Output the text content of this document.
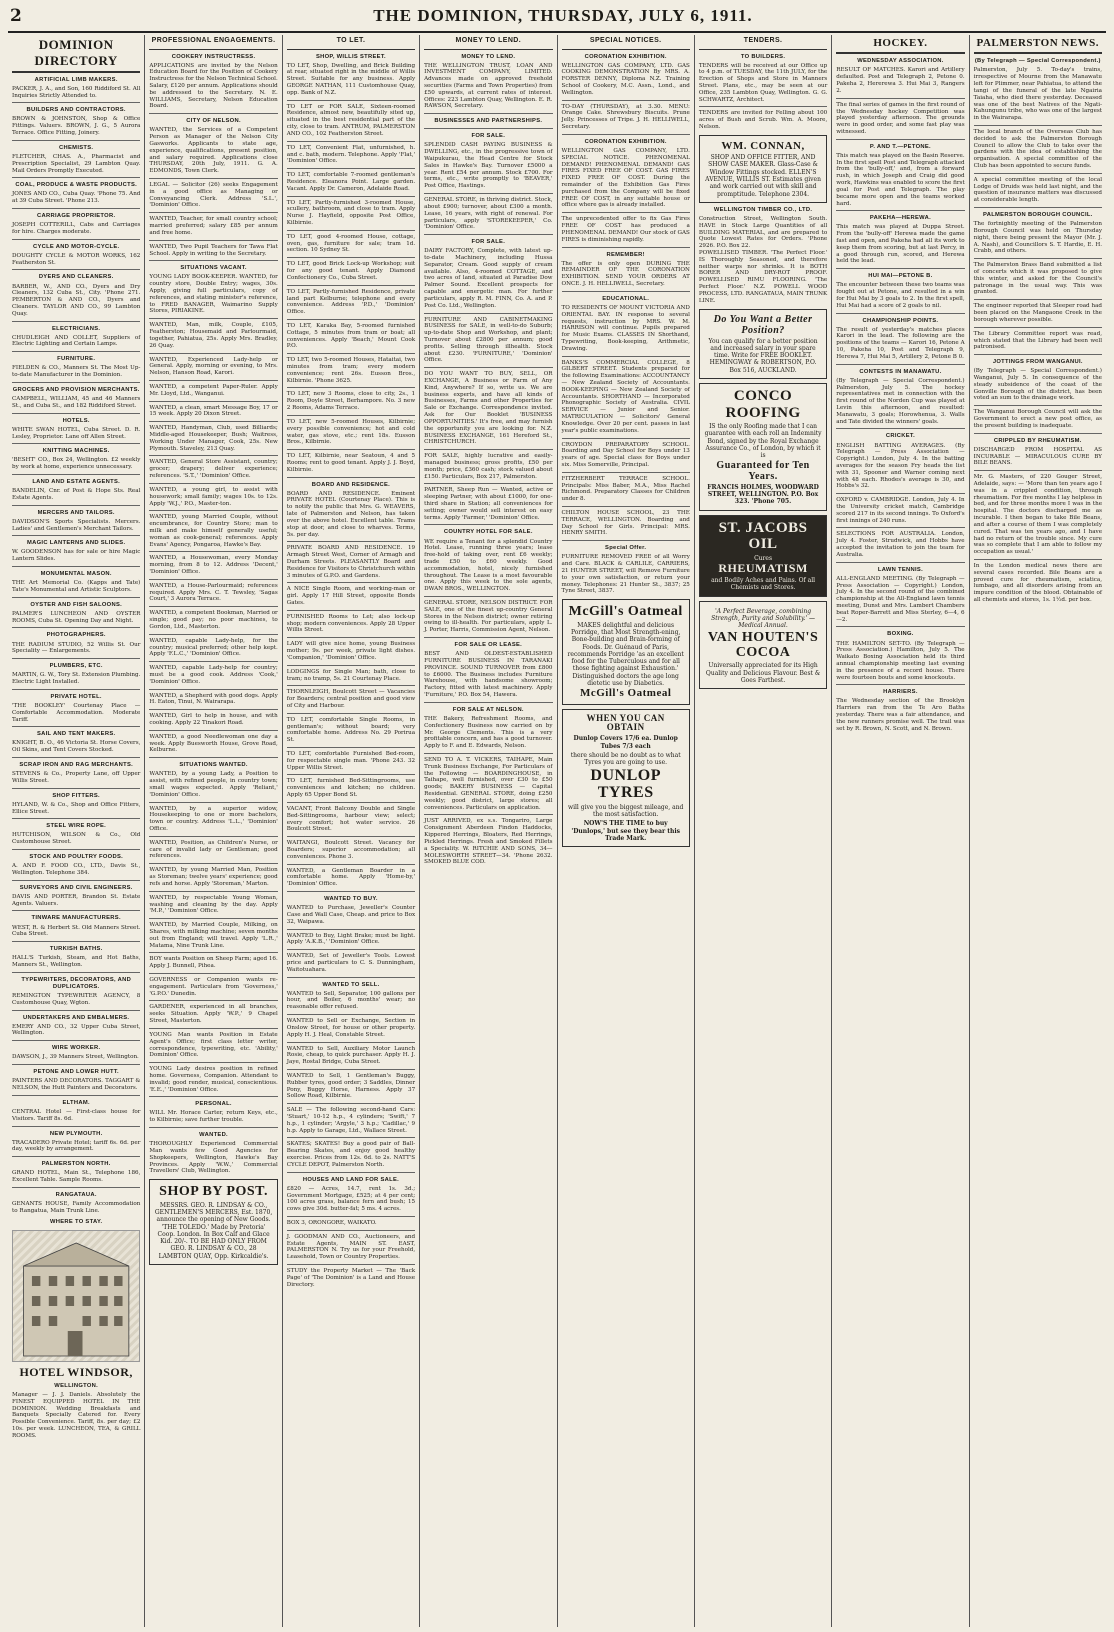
2	THE DOMINION, THURSDAY, JULY 6, 1911.
DOMINION DIRECTORY
ARTIFICIAL LIMB MAKERS.
PACKER, J. A., and Son, 160 Riddiford St. All Inquiries Strictly Attended to.
BUILDERS AND CONTRACTORS.
BROWN & JOHNSTON, Shop & Office Fittings. Valuers. BROWN, J. G., 5 Aurora Terrace. Office Fitting, Joinery.
CHEMISTS.
FLETCHER, CHAS. A., Pharmacist and Prescription Specialist, 29 Lambton Quay. Mail Orders Promptly Executed.
COAL, PRODUCE & WASTE PRODUCTS.
JONES AND CO., Cuba Quay. 'Phone 75. And at 39 Cuba Street. 'Phone 213.
CARRIAGE PROPRIETOR.
JOSEPH COTTERILL, Cabs and Carriages for hire. Charges moderate.
CYCLE AND MOTOR-CYCLE.
DOUGHTY CYCLE & MOTOR WORKS, 162 Featherston St.
DYERS AND CLEANERS.
BARBER, W., AND CO., Dyers and Dry Cleaners, 132 Cuba St., City. 'Phone 271. PEMBERTON & AND CO., Dyers and Cleaners. TAYLOR AND CO., 99 Lambton Quay.
ELECTRICIANS.
CHUDLEIGH AND COLLET, Suppliers of Electric Lighting and Certain Lamps.
FURNITURE.
FIELDEN & CO., Manners St. The Most Up-to-date Manufacturer in the Dominion.
GROCERS AND PROVISION MERCHANTS.
CAMPBELL, WILLIAM, 45 and 46 Manners St., and Cuba St., and 182 Riddiford Street.
HOTELS.
WHITE SWAN HOTEL, Cuba Street. D. R. Lesley, Proprietor. Lane off Allen Street.
KNITTING MACHINES.
'BESHT' CO., Box 24, Wellington. £2 weekly by work at home, experience unnecessary.
LAND AND ESTATE AGENTS.
BANDELIN, Cnr. of Post & Hope Sts. Real Estate Agents.
MERCERS AND TAILORS.
DAVIDSON'S Sports Specialists. Mercers. Ladies' and Gentlemen's Merchant Tailors.
MAGIC LANTERNS AND SLIDES.
W. GOODENSON has for sale or hire Magic Lantern Slides.
MONUMENTAL MASON.
THE Art Memorial Co. (Kapps and Tate) Tate's Monumental and Artistic Sculptors.
OYSTER AND FISH SALOONS.
PALMER'S LUNCHEON AND OYSTER ROOMS, Cuba St. Opening Day and Night.
PHOTOGRAPHERS.
THE RADIUM STUDIO, 52 Willis St. Our Speciality — Enlargements.
PLUMBERS, ETC.
MARTIN, G. W., Tory St. Extension Plumbing. Electric Light Installed.
PRIVATE HOTEL.
'THE BOOKLEY' Courtenay Place — Comfortable Accommodation. Moderate Tariff.
SAIL AND TENT MAKERS.
KNIGHT, B. O., 46 Victoria St. Horse Covers, Oil Skins, and Tent Covers Stocked.
SCRAP IRON AND RAG MERCHANTS.
STEVENS & Co., Property Lane, off Upper Willis Street.
SHOP FITTERS.
HYLAND, W. & Co., Shop and Office Fitters, Ellice Street.
STEEL WIRE ROPE.
HUTCHISON, WILSON & Co., Old Customhouse Street.
STOCK AND POULTRY FOODS.
A. AND F. FOOD CO., LTD., Davis St., Wellington. Telephone 384.
SURVEYORS AND CIVIL ENGINEERS.
DAVIS AND PORTER, Brandon St. Estate Agents. Valuers.
TINWARE MANUFACTURERS.
WEST, R. & Herbert St. Old Manners Street. Cuba Street.
TURKISH BATHS.
HALL'S Turkish, Steam, and Hot Baths, Manners St., Wellington.
TYPEWRITERS, DECORATORS, AND DUPLICATORS.
REMINGTON TYPEWRITER AGENCY, 8 Customhouse Quay, Wgton.
UNDERTAKERS AND EMBALMERS.
EMERY AND CO., 32 Upper Cuba Street, Wellington.
WIRE WORKER.
DAWSON, J., 39 Manners Street, Wellington.
PETONE AND LOWER HUTT.
PAINTERS AND DECORATORS. TAGGART & NELSON, the Hutt Painters and Decorators.
ELTHAM.
CENTRAL Hotel — First-class house for Visitors. Tariff 8s. 6d.
NEW PLYMOUTH.
TRACADERO Private Hotel; tariff 6s. 6d. per day, weekly by arrangement.
PALMERSTON NORTH.
GRAND HOTEL, Main St., Telephone 186, Excellent Table. Sample Rooms.
RANGATAUA.
GENANTS HOUSE, Family Accommodation to Rangatua, Main Trunk Line.
WHERE TO STAY.
HOTEL WINDSOR,
WELLINGTON.
Manager — J. J. Daniels. Absolutely the FINEST EQUIPPED HOTEL IN THE DOMINION. Wedding Breakfasts and Banquets Specially Catered for. Every Possible Convenience. Tariff, 8s. per day; £2 10s. per week. LUNCHEON, TEA, & GRILL ROOMS.
PROFESSIONAL ENGAGEMENTS.
COOKERY INSTRUCTRESS.
APPLICATIONS are invited by the Nelson Education Board for the Position of Cookery Instructress for the Nelson Technical School. Salary, £120 per annum. Applications should be addressed to the Secretary. N. E. WILLIAMS, Secretary, Nelson Education Board.
CITY OF NELSON.
WANTED, the Services of a Competent Person as Manager of the Nelson City Gasworks. Applicants to state age, experience, qualifications, present position, and salary required. Applications close THURSDAY, 20th July, 1911. G. A. EDMONDS, Town Clerk.
LEGAL — Solicitor (26) seeks Engagement in a good office as Managing or Conveyancing Clerk. Address 'S.L.', 'Dominion' Office.
WANTED, Teacher, for small country school; married preferred; salary £85 per annum and free home.
WANTED, Two Pupil Teachers for Tawa Flat School. Apply in writing to the Secretary.
SITUATIONS VACANT.
YOUNG LADY BOOK-KEEPER. WANTED, for country store, Double Entry; wages, 30s. Apply, giving full particulars, copy of references, and stating minister's reference, to FRED BANAGER, Waimarino Supply Stores, PIRIAKINE.
WANTED, Man, milk, Couple, £105, Featherston; Housemaid and Parlourmaid, together, Pahiatua, 25s. Apply Mrs. Bradley, 26 Quay.
WANTED, Experienced Lady-help or General. Apply, morning or evening, to Mrs. Nelson, Hanson Road, Karori.
WANTED, a competent Paper-Ruler. Apply Mr. Lloyd, Ltd., Wanganui.
WANTED, a clean, smart Message Boy, 17 or 15 week. Apply 20 Dixon Street.
WANTED, Handyman, Club, used Billiards; Middle-aged Housekeeper, Bush; Waitress, Working Under Manager, Cook, 25s. New Plymouth. Staveley, 213 Quay.
WANTED, General Store Assistant, country; grocer; drapery; deliver experience; references. 'S.T.,' 'Dominion' Office.
WANTED, a young girl, to assist with housework; small family; wages 10s. to 12s. Apply 'W.J.,' P.O., Master-ton.
WANTED, young Married Couple, without encumbrance, for Country Store; man to milk and make himself generally useful; woman as cook-general; references. Apply Evans' Agency, Pongaroa, Hawke's Bay.
WANTED, a Housewoman, every Monday morning, from 8 to 12. Address 'Decent,' 'Dominion' Office.
WANTED, a House-Parlourmaid; references required. Apply Mrs. C. T. Tewsley, 'Sagas Court,' 3 Aurora Terrace.
WANTED, a competent Bookman, Married or single; good pay; no poor machines, to Gordon, Ltd., Masterton.
WANTED, capable Lady-help, for the country; musical preferred; other help kept. Apply 'F.L.C.,' 'Dominion' Office.
WANTED, capable Lady-help for country; must be a good cook. Address 'Cook,' 'Dominion' Office.
WANTED, a Shepherd with good dogs. Apply H. Eaton, Tinui, N. Wairarapa.
WANTED, Girl to help in house, and with cooking. Apply 22 Tinakori Road.
WANTED, a good Needlewoman one day a week. Apply Buesworth House, Grove Road, Kelburne.
SITUATIONS WANTED.
WANTED, by a young Lady, a Position to assist, with refined people, in country town; small wages expected. Apply 'Reliant,' 'Dominion' Office.
WANTED, by a superior widow, Housekeeping to one or more bachelors, town or country. Address 'L.L.,' 'Dominion' Office.
WANTED, Position, as Children's Nurse, or care of invalid lady or Gentleman; good references.
WANTED, by young Married Man, Position as Storeman; twelve years' experience; good refs and horse. Apply 'Storeman,' Marton.
WANTED, by respectable Young Woman, washing and cleaning by the day. Apply 'M.P.,' 'Dominion' Office.
WANTED, by Married Couple, Milking, on Shares, with milking machine; seven months out from England; will travel. Apply 'L.R.,' Matama, Nine Trunk Line.
BOY wants Position on Sheep Farm; aged 16. Apply J. Bunnell, Pihea.
GOVERNESS or Companion wants re-engagement. Particulars from 'Governess,' 'G.P.O.' Dunedin.
GARDENER, experienced in all branches, seeks Situation. Apply 'W.P.,' 9 Chapel Street, Masterton.
YOUNG Man wants Position in Estate Agent's Office; first class letter writer, correspondence, typewriting, etc. 'Ability,' Dominion' Office.
YOUNG Lady desires position in refined home. Governess, Companion. Attendant to invalid; good render, musical, conscientious. 'E.E.,' 'Dominion' Office.
PERSONAL.
WILL Mr. Horace Carter, return Keys, etc., to Kilbirnie; save further trouble.
WANTED.
THOROUGHLY Experienced Commercial Man wants few Good Agencies for Shopkeepers, Wellington, Hawke's Bay Provinces. Apply 'W.W.,' Commercial Travellers' Club, Wellington.
SHOP BY POST.
MESSRS. GEO. R. LINDSAY & CO., GENTLEMEN'S MERCERS, Est. 1870, announce the opening of New Goods. 'THE TOLEDO.' Made by Pretoria' Coop. London. In Box Calf and Glace Kid. 20/-. TO BE HAD ONLY FROM GEO. R. LINDSAY & CO., 28 LAMBTON QUAY, Opp. Kirkcaldie's.
TO LET.
SHOP, WILLIS STREET.
TO LET, Shop, Dwelling, and Brick Building at rear, situated right in the middle of Willis Street. Suitable for any business. Apply GEORGE NATHAN, 111 Customhouse Quay, opp. Bank of N.Z.
TO LET or FOR SALE, Sixteen-roomed Residence, almost new, beautifully sited up, situated in the best residential part of the city, close to tram. ANTRUM, PALMERSTON AND CO., 102 Featherston Street.
TO LET, Convenient Flat, unfurnished, h. and c. bath, modern. Telephone. Apply 'Flat,' 'Dominion' Office.
TO LET, comfortable 7-roomed gentleman's Residence. Eleanora Point. Large garden. Vacant. Apply Dr. Cameron, Adelaide Road.
TO LET, Partly-furnished 3-roomed House, scullery, bathroom, and close to tram. Apply Nurse J. Hayfield, opposite Post Office, Kilbirnie.
TO LET, good 4-roomed House, cottage, oven, gas, furniture for sale; tram 1d. section. 10 Sydney St.
TO LET, good Brick Lock-up Workshop; suit for any good tenant. Apply Diamond Confectionery Co., Cuba Street.
TO LET, Partly-furnished Residence, private land part Kelburne; telephone and every convenience. Address 'P.D.,' 'Dominion' Office.
TO LET, Karaka Bay, 5-roomed furnished Cottage, 5 minutes from tram or boat; all conveniences. Apply 'Beach,' Mount Cook P.O.
TO LET, two 5-roomed Houses, Hataitai, two minutes from tram; every modern convenience; rent 26s. Eusson Bros., Kilbirnie. 'Phone 3625.
TO LET, new 3 Rooms, close to city, 2s., 1 Room, Doyle Street, Berhampore. No. 3 new 2 Rooms, Adams Terrace.
TO LET, new 5-roomed Houses, Kilbirnie; every possible convenience; hot and cold water, gas stove, etc.; rent 18s. Eusson Bros., Kilbirnie.
TO LET, Kilbirnie, near Seatoun, 4 and 5 Rooms; rent to good tenant. Apply J. J. Boyd, Kilbirnie.
BOARD AND RESIDENCE.
BOARD AND RESIDENCE. Eminent PRIVATE HOTEL (Courtenay Place). This is to notify the public that Mrs. G. WEAVERS, late of Palmerston and Nelson, has taken over the above hotel. Excellent table. Trams stop at door, and close to wharves. Terms, 5s. per day.
PRIVATE BOARD AND RESIDENCE. 19 Armagh Street West, Corner of Armagh and Durham Streets. PLEASANTLY Board and Residence for Visitors to Christchurch within 3 minutes of G.P.O. and Gardens.
A NICE Single Room, and working-man or girl. Apply 17 Hill Street, opposite Bonds Gates.
FURNISHED Rooms to Let; also lock-up shop; modern conveniences. Apply 28 Upper Willis Street.
LADY will give nice home, young Business mother; 9s. per week, private light dishes. 'Companion,' 'Dominion' Office.
LODGINGS for Single Man; bath, close to tram; no tramp, 5s. 21 Courtenay Place.
THORNLEIGH, Boulcott Street — Vacancies for Boarders; central position and good view of City and Harbour.
TO LET, comfortable Single Rooms, in gentleman's; without board; very comfortable home. Address No. 29 Porirua St.
TO LET, comfortable Furnished Bed-room, for respectable single man. 'Phone 243. 32 Upper Willis Street.
TO LET, furnished Bed-Sittingrooms, use conveniences and kitchen; no children. Apply 65 Upper Bond St.
VACANT, Front Balcony Double and Single Bed-Sittingrooms, harbour view; select; every comfort; hot water service. 26 Boulcott Street.
WAITANGI, Boulcott Street. Vacancy for Boarders; superior accommodation; all conveniences. Phone 3.
WANTED, a Gentleman Boarder in a comfortable home. Apply 'Home-by,' 'Dominion' Office.
WANTED TO BUY.
WANTED to Purchase, Jeweller's Counter Case and Wall Case, Cheap. and price to Box 32, Waipawa.
WANTED to Buy, Light Brake; must be light. Apply 'A.K.B.,' 'Dominion' Office.
WANTED, Set of Jeweller's Tools. Lowest price and particulars to C. S. Dunningham, Waitotuahara.
WANTED TO SELL.
WANTED to Sell, Separator, 100 gallons per hour, and Boiler, 6 months' wear; no reasonable offer refused.
WANTED to Sell or Exchange, Section in Onslow Street, for house or other property. Apply H. J. Heal, Constable Street.
WANTED to Sell, Auxiliary Motor Launch Rosie, cheap, to quick purchaser. Apply H. J. Jaye, Rostal Bridge, Cuba Street.
WANTED to Sell, 1 Gentleman's Buggy, Rubber tyres, good order; 3 Saddles, Dinner Pony, Buggy Horse, Harness. Apply 37 Sollow Road, Kilbirnie.
SALE — The following second-hand Cars: 'Stuart,' 10-12 h.p., 4 cylinders; 'Swift,' 7 h.p., 1 cylinder; 'Argyle,' 3 h.p.; 'Cadillac,' 9 h.p. Apply to Garage, Ltd., Wallace Street.
SKATES; SKATES! Buy a good pair of Ball-Bearing Skates, and enjoy good healthy exercise. Prices from 12s. 6d. to 2s. NATT'S CYCLE DEPOT, Palmerston North.
HOUSES AND LAND FOR SALE.
£820 — Acres, 14.7, rent 1s. 3d.; Government Mortgage, £525; at 4 per cent; 100 acres grass, balance fern and bush; 15 cows give 30d. butter-fat; 5 ms. 4 acres.
BOX 3, ORONGORE, WAIKATO.
J. GOODMAN AND CO., Auctioneers, and Estate Agents, MAIN ST. EAST, PALMERSTON N. Try us for your Freehold, Leasehold, Town or Country Properties.
STUDY the Property Market — The 'Back Page' of 'The Dominion' is a Land and House Directory.
MONEY TO LEND.
MONEY TO LEND.
THE WELLINGTON TRUST, LOAN AND INVESTMENT COMPANY, LIMITED. Advances made on approved freehold securities (Farms and Town Properties) from £50 upwards, at current rates of interest. Offices: 223 Lambton Quay, Wellington. E. R. RAWSON, Secretary.
BUSINESSES AND PARTNERSHIPS.
FOR SALE.
SPLENDID CASH PAYING BUSINESS & DWELLING, etc., in the progressive town of Waipukurau, the Head Centre for Stock Sales in Hawke's Bay. Turnover £5000 a year. Rent £54 per annum. Stock £700. For terms, etc., write promptly to 'BEAVER,' Post Office, Hastings.
GENERAL STORE, in thriving district. Stock, about £900; turnover, about £300 a month. Lease, 16 years, with right of renewal. For particulars, apply 'STOREKEEPER,' Co. 'Dominion' Office.
FOR SALE.
DAIRY FACTORY, Complete, with latest up-to-date Machinery, including Hussa Separator, Cream. Good supply of cream available. Also, 4-roomed COTTAGE, and two acres of land, situated at Paradise Dow Palmer Sound. Excellent prospects for capable and energetic man. For further particulars, apply R. M. FINN, Co. A. and P. Post Co. Ltd., Wellington.
FURNITURE AND CABINETMAKING BUSINESS for SALE, in well-to-do Suburb; up-to-date Shop and Workshop, and plant; Turnover about £2800 per annum; good profits. Selling through illhealth. Stock about £230. 'FURNITURE,' 'Dominion' Office.
DO YOU WANT TO BUY, SELL, OR EXCHANGE, A Business or Farm of Any Kind, Anywhere? If so, write us. We are business experts, and have all kinds of Businesses, Farms and other Properties for Sale or Exchange. Correspondence invited. Ask for Our Booklet 'BUSINESS OPPORTUNITIES.' It's free, and may furnish the opportunity you are looking for. N.Z. BUSINESS EXCHANGE, 161 Hereford St., CHRISTCHURCH.
FOR SALE, highly lucrative and easily-managed business; gross profits, £50 per month; price, £360 cash; stock valued about £150. Particulars, Box 217, Palmerston.
PARTNER, Sheep Run — Wanted, active or sleeping Partner, with about £1000, for one-third share in Station; all conveniences for setting; owner would sell interest on easy terms. Apply 'Farmer,' 'Dominion' Office.
COUNTRY HOTEL FOR SALE.
WE require a Tenant for a splendid Country Hotel. Lease, running three years; lease free-hold of taking over, rent £6 weekly; trade £50 to £60 weekly. Good accommodation, hotel, nicely furnished throughout. The Lease is a most favourable one. Apply this week to the sole agents, DWAN BROS., WELLINGTON.
GENERAL STORE, NELSON DISTRICT. FOR SALE, one of the finest up-country General Stores in the Nelson district; owner retiring owing to ill-health. For particulars, apply L. J. Porter, Harris, Commission Agent, Nelson.
FOR SALE OR LEASE.
BEST AND OLDEST-ESTABLISHED FURNITURE BUSINESS IN TARANAKI PROVINCE. SOUND TURNOVER from £800 to £6000. The Business includes Furniture Warehouse, with handsome showroom; Factory, fitted with latest machinery. Apply 'Furniture,' P.O. Box 54, Hawera.
FOR SALE AT NELSON.
THE Bakery, Refreshment Rooms, and Confectionery Business now carried on by Mr. George Clements. This is a very profitable concern, and has a good turnover. Apply to F. and E. Edwards, Nelson.
SEND TO A. T. VICKERS, TAIHAPE, Main Trunk Business Exchange, For Particulars of the Following — BOARDINGHOUSE, in Taihape, well furnished, over £30 to £50 goods; BAKERY BUSINESS — Capital Residential. GENERAL STORE, doing £250 weekly; good district, large stores; all conveniences. Particulars on application.
JUST ARRIVED, ex s.s. Tongariro, Large Consignment Aberdeen Findon Haddocks, Kippered Herrings, Bloaters, Red Herrings, Pickled Herrings. Fresh and Smoked Fillets a Speciality. W. RITCHIE AND SONS, 34—MOLESWORTH STREET—34. 'Phone 2632. SMOKED BLUE COD.
SPECIAL NOTICES.
CORONATION EXHIBITION.
WELLINGTON GAS COMPANY, LTD. GAS COOKING DEMONSTRATION By MRS. A. FORSTER DENNY, Diploma N.Z. Training School of Cookery, M.C. Assn., Lond., and Wellington.
TO-DAY (THURSDAY), at 3.30. MENU: Orange Cake. Shrewsbury Biscuits. Prune Jelly. Princesses of Tripe. J. H. HELLIWELL, Secretary.
CORONATION EXHIBITION.
WELLINGTON GAS COMPANY, LTD. SPECIAL NOTICE. PHENOMENAL DEMAND! PHENOMENAL DEMAND! GAS FIRES FIXED FREE OF COST. GAS FIRES FIXED FREE OF COST. During the remainder of the Exhibition Gas Fires purchased from the Company will be fixed FREE OF COST, in any suitable house or office where gas is already installed.
The unprecedented offer to fix Gas Fires FREE OF COST has produced a PHENOMENAL DEMAND! Our stock of GAS FIRES is diminishing rapidly.
REMEMBER!
The offer is only open DURING THE REMAINDER OF THE CORONATION EXHIBITION. SEND YOUR ORDERS AT ONCE. J. H. HELLIWELL, Secretary.
EDUCATIONAL.
TO RESIDENTS OF MOUNT VICTORIA AND ORIENTAL BAY. IN response to several requests, instruction by MRS. W. M. HARRISON will continue. Pupils prepared for Music Exams. CLASSES IN Shorthand, Typewriting, Book-keeping, Arithmetic, Drawing.
BANKS'S COMMERCIAL COLLEGE, 8 GILBERT STREET. Students prepared for the following Examinations: ACCOUNTANCY — New Zealand Society of Accountants. BOOK-KEEPING — New Zealand Society of Accountants. SHORTHAND — Incorporated Phonographic Society of Australia. CIVIL SERVICE — Junior and Senior. MATRICULATION — Solicitors' General Knowledge. Over 20 per cent. passes in last year's public examinations.
CROYDON PREPARATORY SCHOOL. Boarding and Day School for Boys under 13 years of age. Special class for Boys under six. Miss Somerville, Principal.
FITZHERBERT TERRACE SCHOOL. Principals: Miss Baber, M.A., Miss Rachel Richmond. Preparatory Classes for Children under 8.
CHILTON HOUSE SCHOOL, 23 THE TERRACE, WELLINGTON. Boarding and Day School for Girls. Principal: MRS. HENRY SMITH.
Special Offer.
FURNITURE REMOVED FREE of all Worry and Care. BLACK & CARLILE, CARRIERS, 21 HUNTER STREET, will Remove Furniture to your own satisfaction, or return your money. Telephones: 21 Hunter St., 3837; 25 Tyne Street, 3837.
McGill's Oatmeal
MAKES delightful and delicious Porridge, that Most Strength-ening, Bone-building and Brain-forming of Foods. Dr. Guénaud of Paris, recommends Porridge 'as an excellent food for the Tuberculous and for all those fighting against Exhaustion.' Distinguished doctors the age long dietetic use by Diabetics.
McGill's Oatmeal
WHEN YOU CAN OBTAIN
Dunlop Covers 17/6 ea. Dunlop Tubes 7/3 each
there should be no doubt as to what Tyres you are going to use.
DUNLOP TYRES
will give you the biggest mileage, and the most satisfaction.
NOW'S THE TIME to buy 'Dunlops,' but see they bear this Trade Mark.
TENDERS.
TO BUILDERS.
TENDERS will be received at our Office up to 4 p.m. of TUESDAY, the 11th JULY, for the Erection of Shops and Store in Manners Street. Plans, etc., may be seen at our Office, 235 Lambton Quay, Wellington. G. G. SCHWARTZ, Architect.
TENDERS are invited for Felling about 100 acres of Bush and Scrub. Wm. A. Moore, Nelson.
WM. CONNAN,
SHOP AND OFFICE FITTER, AND SHOW CASE MAKER. Glass-Case & Window Fittings stocked. ELLEN'S AVENUE, WILLIS ST. Estimates given and work carried out with skill and promptitude. Telephone 2304.
WELLINGTON TIMBER CO., LTD.
Construction Street, Wellington South. HAVE in Stock Large Quantities of all BUILDING MATERIAL, and are prepared to Quote Lowest Rates for Orders. 'Phone 2926. P.O. Box 22.
POWELLISED TIMBER. 'The Perfect Floor.' IS Thoroughly Seasoned, and therefore neither warps nor shrinks. It is BOTH BORER AND DRY-ROT PROOF. POWELLISED RIMU FLOORING. 'The Perfect Floor.' N.Z. POWELL WOOD PROCESS, LTD. RANGATAUA, MAIN TRUNK LINE.
Do You Want a Better Position?
You can qualify for a better position and increased salary in your spare time. Write for FREE BOOKLET. HEMINGWAY & ROBERTSON, P.O. Box 516, AUCKLAND.
CONCO ROOFING
IS the only Roofing made that I can guarantee with each roll an Indemnity Bond, signed by the Royal Exchange Assurance Co., of London, by which it is
Guaranteed for Ten Years.
FRANCIS HOLMES, WOODWARD STREET, WELLINGTON. P.O. Box 323. 'Phone 705.
ST. JACOBS OIL
Cures
RHEUMATISM
and Bodily Aches and Pains. Of all Chemists and Stores.
'A Perfect Beverage, combining Strength, Purity and Solubility.' — Medical Annual.
VAN HOUTEN'S COCOA
Universally appreciated for its High Quality and Delicious Flavour. Best & Goes Farthest.
HOCKEY.
WEDNESDAY ASSOCIATION.
RESULT OF MATCHES. Karori and Artillery defaulted. Post and Telegraph 2, Petone 0. Pakeha 2, Hererewa 3. Hui Mai 3, Rangers 2.
The final series of games in the first round of the Wednesday hockey Competition was played yesterday afternoon. The grounds were in good order, and some fast play was witnessed.
P. AND T.—PETONE.
This match was played on the Basin Reserve. In the first spell Post and Telegraph attacked from the 'bully-off,' and, from a forward rush, in which Joseph and Craig did good work, Hawkins was enabled to score the first goal for Post and Telegraph. The play became more open and the teams worked hard.
PAKEHA—HEREWA.
This match was played at Duppa Street. From the 'bully-off' Herewa made the game fast and open, and Pakeha had all its work to keep them from scoring, but at last Percy, in a good through run, scored, and Herewa held the lead.
HUI MAI—PETONE B.
The encounter between these two teams was fought out at Petone, and resulted in a win for Hui Mai by 3 goals to 2. In the first spell, Hui Mai had a score of 2 goals to nil.
CHAMPIONSHIP POINTS.
The result of yesterday's matches places Karori in the lead. The following are the positions of the teams — Karori 16, Petone A 10, Pakeha 10, Post and Telegraph 9, Herewa 7, Hui Mai 5, Artillery 2, Petone B 0.
CONTESTS IN MANAWATU.
(By Telegraph — Special Correspondent.) Palmerston, July 5. The hockey representatives met in connection with the first round of the Norden Cup was played at Levin this afternoon, and resulted: Manawatu, 3 goals; Horowhenua, 3. Walls and Tate divided the winners' goals.
CRICKET.
ENGLISH BATTING AVERAGES. (By Telegraph — Press Association — Copyright.) London, July 4. In the batting averages for the season Fry heads the list with 31, Spooner and Warner coming next with 48 each. Rhodes's average is 30, and Hobbs's 32.
OXFORD v. CAMBRIDGE. London, July 4. In the University cricket match, Cambridge scored 217 in its second innings. To Oxford's first innings of 240 runs.
SELECTIONS FOR AUSTRALIA. London, July 4. Foster, Strudwick, and Hobbs have accepted the invitation to join the team for Australia.
LAWN TENNIS.
ALL-ENGLAND MEETING. (By Telegraph — Press Association — Copyright.) London, July 4. In the second round of the combined championship at the All-England lawn tennis meeting, Dunst and Mrs. Lambert Chambers beat Roper-Barrett and Miss Sterley, 6—4, 6—2.
BOXING.
THE HAMILTON SET-TO. (By Telegraph — Press Association.) Hamilton, July 5. The Waikato Boxing Association held its third annual championship meeting last evening in the presence of a record house. There were fourteen bouts and some knockouts.
HARRIERS.
The Wednesday section of the Brooklyn Harriers ran from the Te Aro Baths yesterday. There was a fair attendance, and the new runners promise well. The trail was set by R. Brown, N. Scott, and N. Brown.
PALMERSTON NEWS.
(By Telegraph — Special Correspondent.)
Palmerston, July 5. To-day's trains, irrespective of Mourne from the Manawatu left for Plimmer, near Pahiatua, to attend the tangi of the funeral of the late Ngairia Taiaha, who died there yesterday. Deceased was one of the best Natives of the Ngati-Kahungunu tribe, who was one of the largest in the Wairarapa.
The local branch of the Overseas Club has decided to ask the Palmerston Borough Council to allow the Club to take over the gardens with the idea of establishing the organisation. A special committee of the Club has been appointed to secure funds.
A special committee meeting of the local Lodge of Druids was held last night, and the question of insurance matters was discussed at considerable length.
PALMERSTON BOROUGH COUNCIL.
The fortnightly meeting of the Palmerston Borough Council was held on Thursday night, there being present the Mayor (Mr. J. A. Nash), and Councillors S. T. Hardie, E. H. Crabb, and others.
The Palmerston Brass Band submitted a list of concerts which it was proposed to give this winter, and asked for the Council's patronage in the usual way. This was granted.
The engineer reported that Sleeper road had been placed on the Mangaone Creek in the borough wherever possible.
The Library Committee report was read, which stated that the Library had been well patronised.
JOTTINGS FROM WANGANUI.
(By Telegraph — Special Correspondent.) Wanganui, July 5. In consequence of the steady subsidence of the coast of the Gonville Borough of the district, has been voted an sum to the drainage work.
The Wanganui Borough Council will ask the Government to erect a new post office, as the present building is inadequate.
CRIPPLED BY RHEUMATISM.
DISCHARGED FROM HOSPITAL AS INCURABLE — MIRACULOUS CURE BY BILE BEANS.
Mr. G. Masters, of 220 Gouger Street, Adelaide, says: — 'More than ten years ago I was in a crippled condition, through rheumatism. For five months I lay helpless in bed, and for three months more I was in the hospital. The doctors discharged me as incurable. I then began to take Bile Beans, and after a course of them I was completely cured. That was ten years ago, and I have had no return of the trouble since. My cure was so complete that I am able to follow my occupation as usual.'
In the London medical news there are several cases recorded. Bile Beans are a proved cure for rheumatism, sciatica, lumbago, and all disorders arising from an impure condition of the blood. Obtainable of all chemists and stores, 1s. 1½d. per box.
